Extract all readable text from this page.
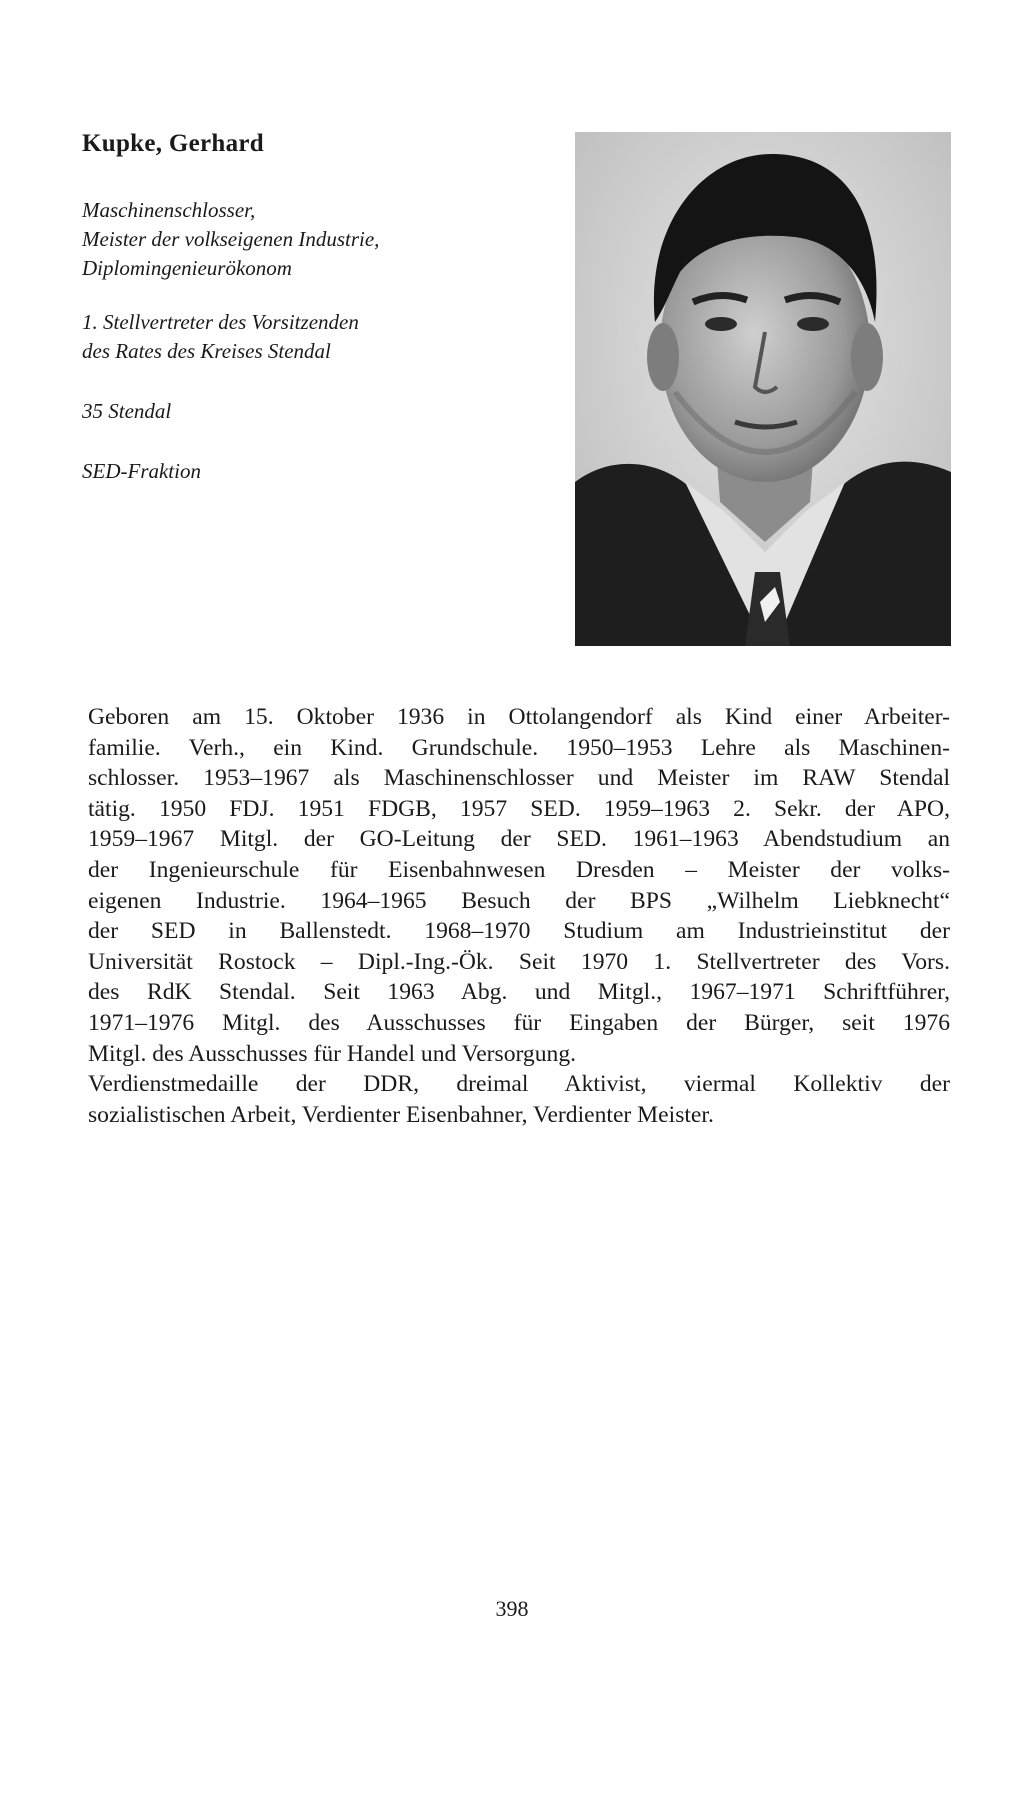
Kupke, Gerhard

Maschinenschlosser,

Meister der volkseigenen Industrie,

Diplomingenieurökonom

1. Stellvertreter des Vorsitzenden

des Rates des Kreises Stendal

35 Stendal

SED-Fraktion

Geboren am 15. Oktober 1936 in Ottolangendorf als Kind einer Arbeiter-
familie. Verh., ein Kind. Grundschule. 1950–1953 Lehre als Maschinen-
schlosser. 1953–1967 als Maschinenschlosser und Meister im RAW Stendal
tätig. 1950 FDJ. 1951 FDGB, 1957 SED. 1959–1963 2. Sekr. der APO,
1959–1967 Mitgl. der GO-Leitung der SED. 1961–1963 Abendstudium an
der Ingenieurschule für Eisenbahnwesen Dresden – Meister der volks-
eigenen Industrie. 1964–1965 Besuch der BPS „Wilhelm Liebknecht“
der SED in Ballenstedt. 1968–1970 Studium am Industrieinstitut der
Universität Rostock – Dipl.-Ing.-Ök. Seit 1970 1. Stellvertreter des Vors.
des RdK Stendal. Seit 1963 Abg. und Mitgl., 1967–1971 Schriftführer,
1971–1976 Mitgl. des Ausschusses für Eingaben der Bürger, seit 1976
Mitgl. des Ausschusses für Handel und Versorgung.
Verdienstmedaille der DDR, dreimal Aktivist, viermal Kollektiv der
sozialistischen Arbeit, Verdienter Eisenbahner, Verdienter Meister.
398
